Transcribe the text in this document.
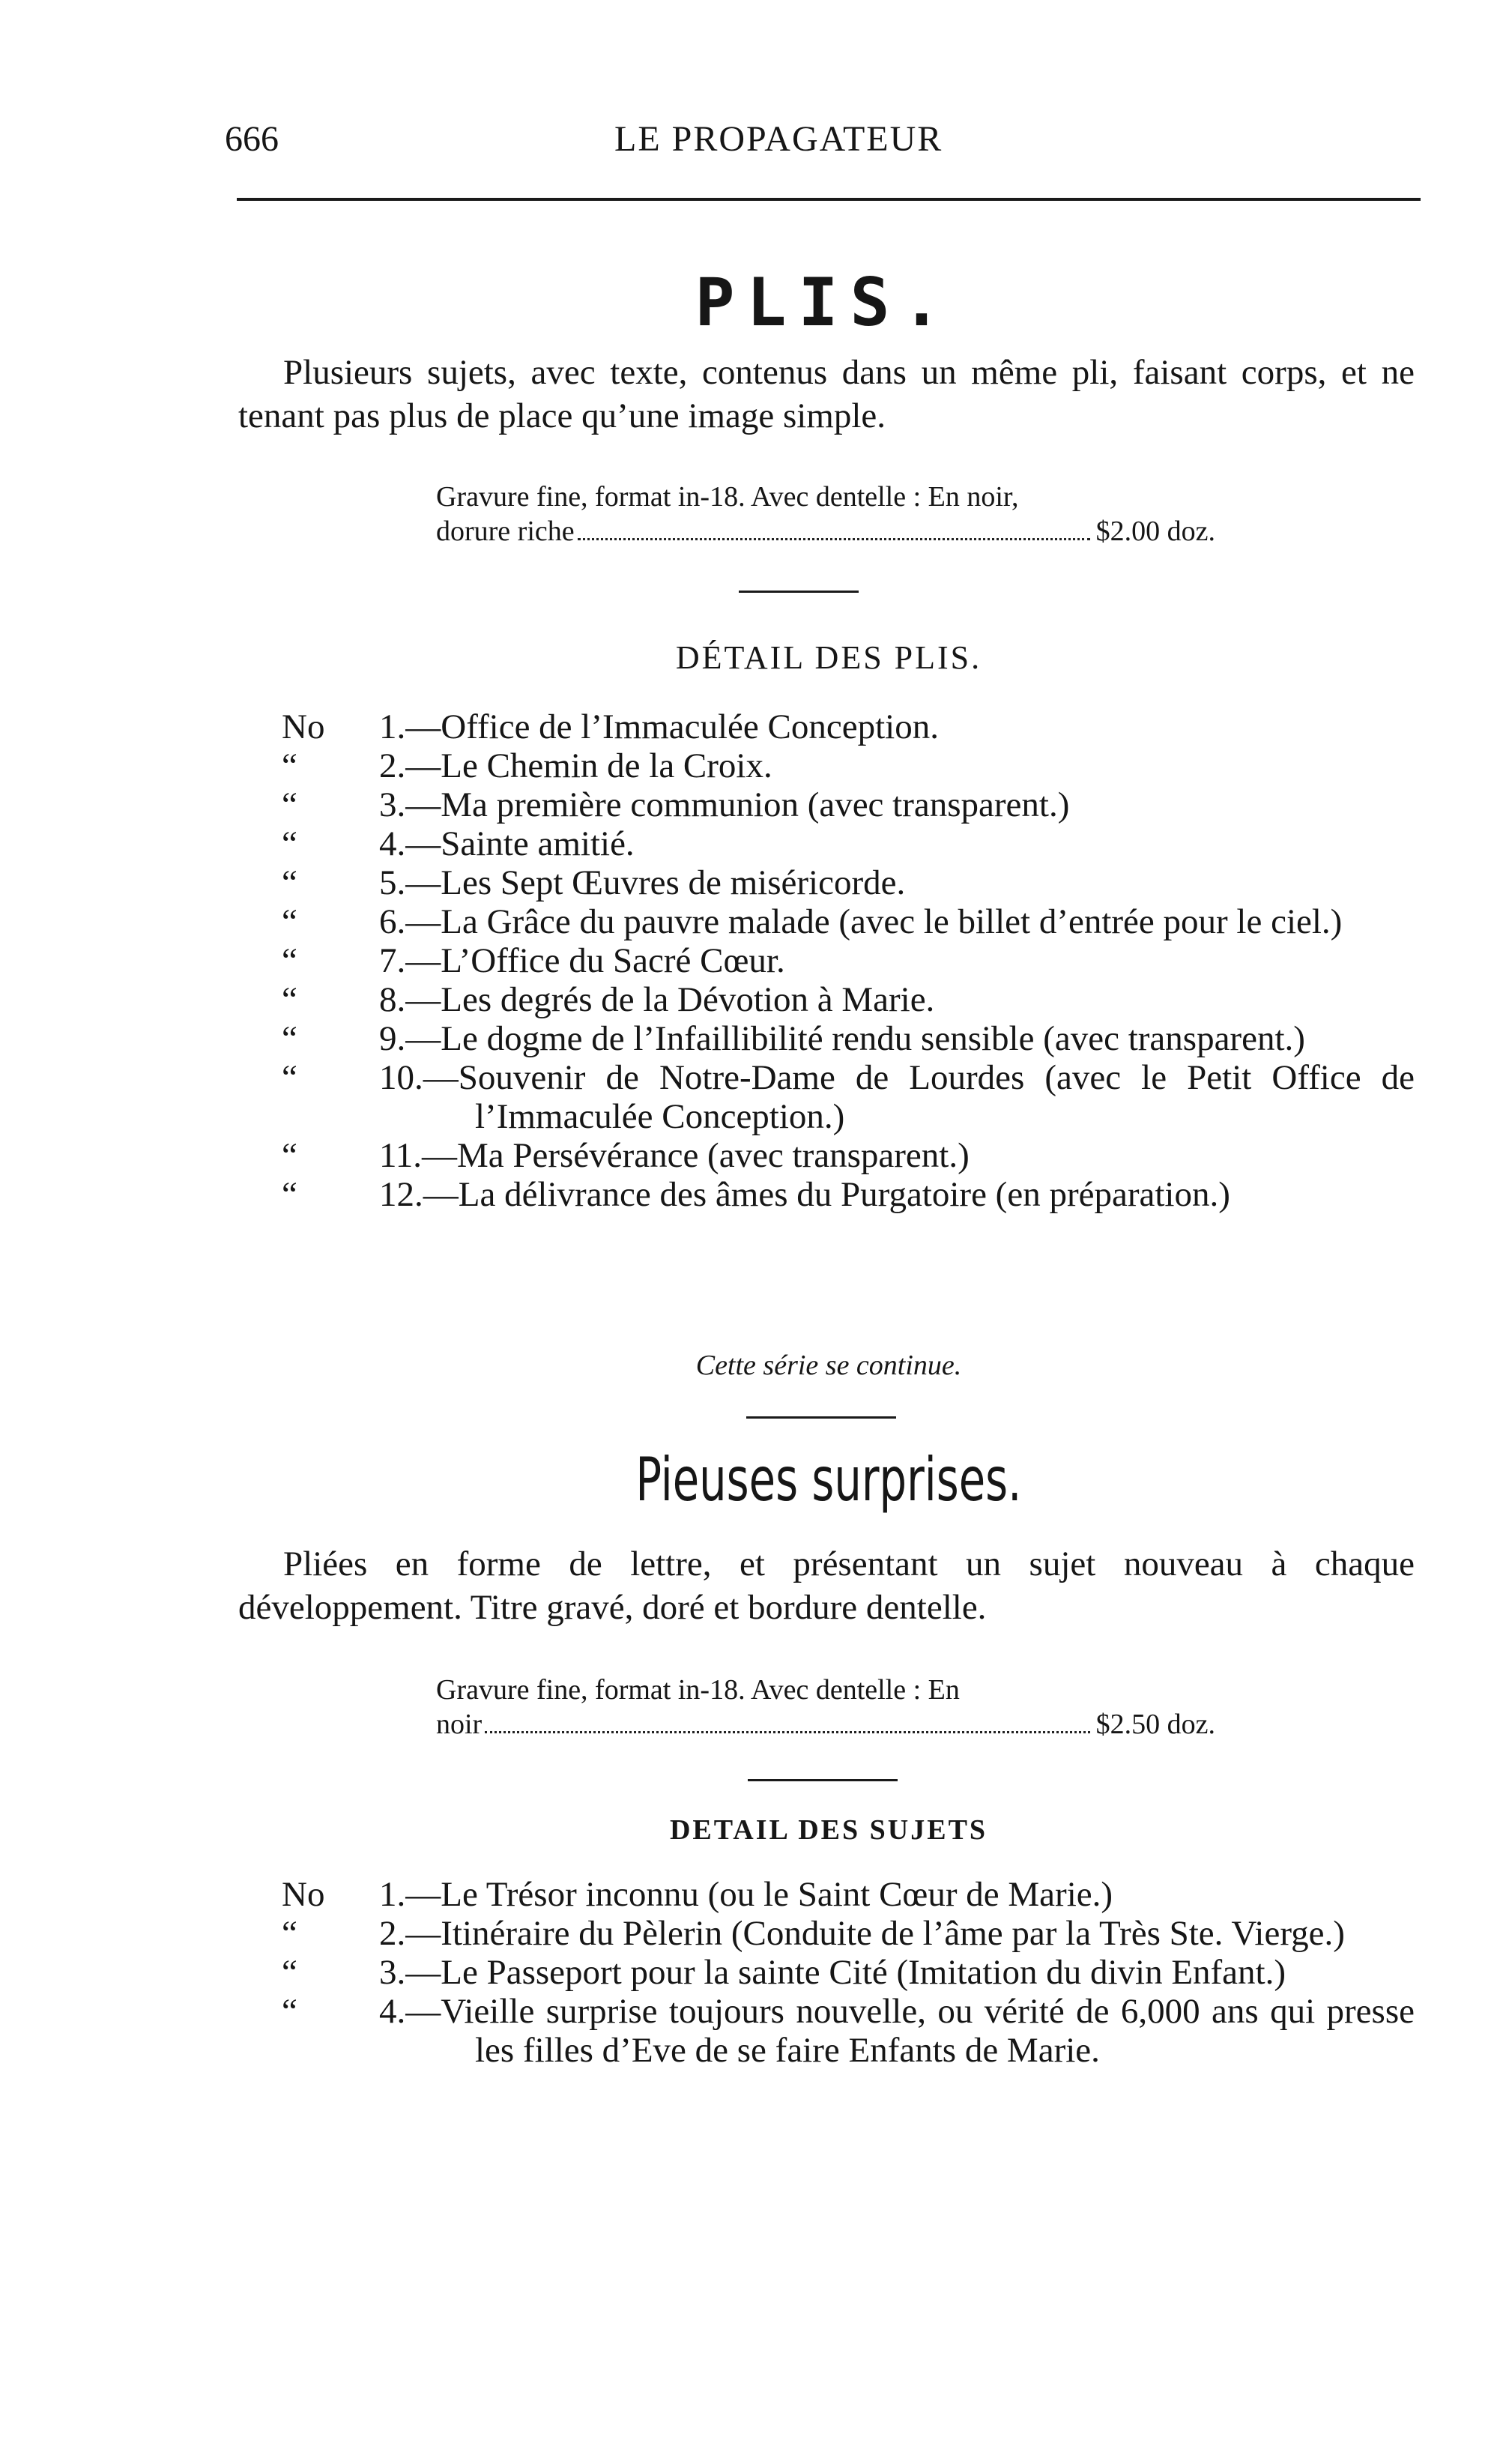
666	LE PROPAGATEUR
PLIS.
Plusieurs sujets, avec texte, contenus dans un même pli, faisant corps, et ne tenant pas plus de place qu’une image simple.
Gravure fine, format in-18. Avec dentelle : En noir,
dorure riche	$2.00 doz.
DÉTAIL DES PLIS.
No	1.—Office de l’Immaculée Conception.
“	2.—Le Chemin de la Croix.
“	3.—Ma première communion (avec transparent.)
“	4.—Sainte amitié.
“	5.—Les Sept Œuvres de miséricorde.
“	6.—La Grâce du pauvre malade (avec le billet d’entrée pour le ciel.)
“	7.—L’Office du Sacré Cœur.
“	8.—Les degrés de la Dévotion à Marie.
“	9.—Le dogme de l’Infaillibilité rendu sensible (avec transparent.)
“	10.—Souvenir de Notre-Dame de Lourdes (avec le Petit Office de l’Immaculée Conception.)
“	11.—Ma Persévérance (avec transparent.)
“	12.—La délivrance des âmes du Purgatoire (en préparation.)
Cette série se continue.
Pieuses surprises.
Pliées en forme de lettre, et présentant un sujet nouveau à chaque développement. Titre gravé, doré et bordure dentelle.
Gravure fine, format in-18. Avec dentelle : En
noir	$2.50 doz.
DETAIL DES SUJETS
No	1.—Le Trésor inconnu (ou le Saint Cœur de Marie.)
“	2.—Itinéraire du Pèlerin (Conduite de l’âme par la Très Ste. Vierge.)
“	3.—Le Passeport pour la sainte Cité (Imitation du divin Enfant.)
“	4.—Vieille surprise toujours nouvelle, ou vérité de 6,000 ans qui presse les filles d’Eve de se faire Enfants de Marie.
